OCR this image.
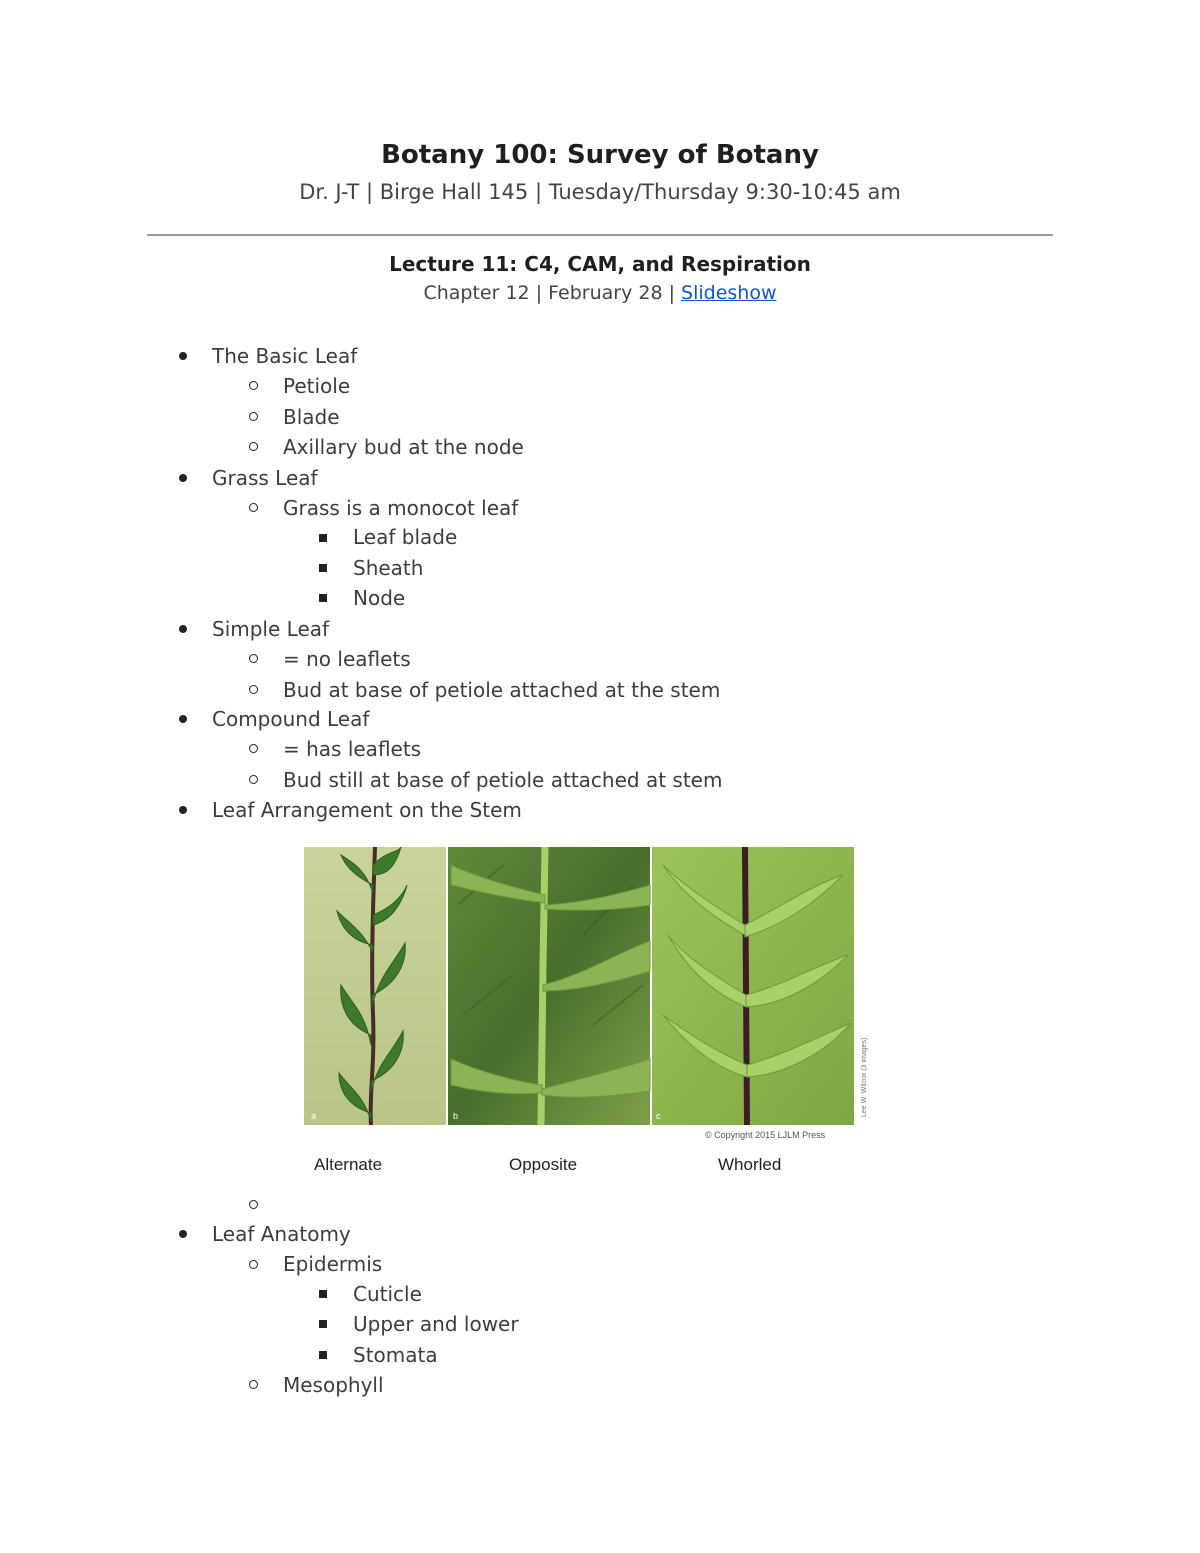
Botany 100: Survey of Botany
Dr. J-T | Birge Hall 145 | Tuesday/Thursday 9:30-10:45 am
Lecture 11: C4, CAM, and Respiration
Chapter 12 | February 28 | Slideshow
The Basic Leaf
Petiole
Blade
Axillary bud at the node
Grass Leaf
Grass is a monocot leaf
Leaf blade
Sheath
Node
Simple Leaf
= no leaflets
Bud at base of petiole attached at the stem
Compound Leaf
= has leaflets
Bud still at base of petiole attached at stem
Leaf Arrangement on the Stem
a	b	c	Lee W. Wilcox (3 images)
© Copyright 2015 LJLM Press
Alternate	Opposite	Whorled
Leaf Anatomy
Epidermis
Cuticle
Upper and lower
Stomata
Mesophyll
